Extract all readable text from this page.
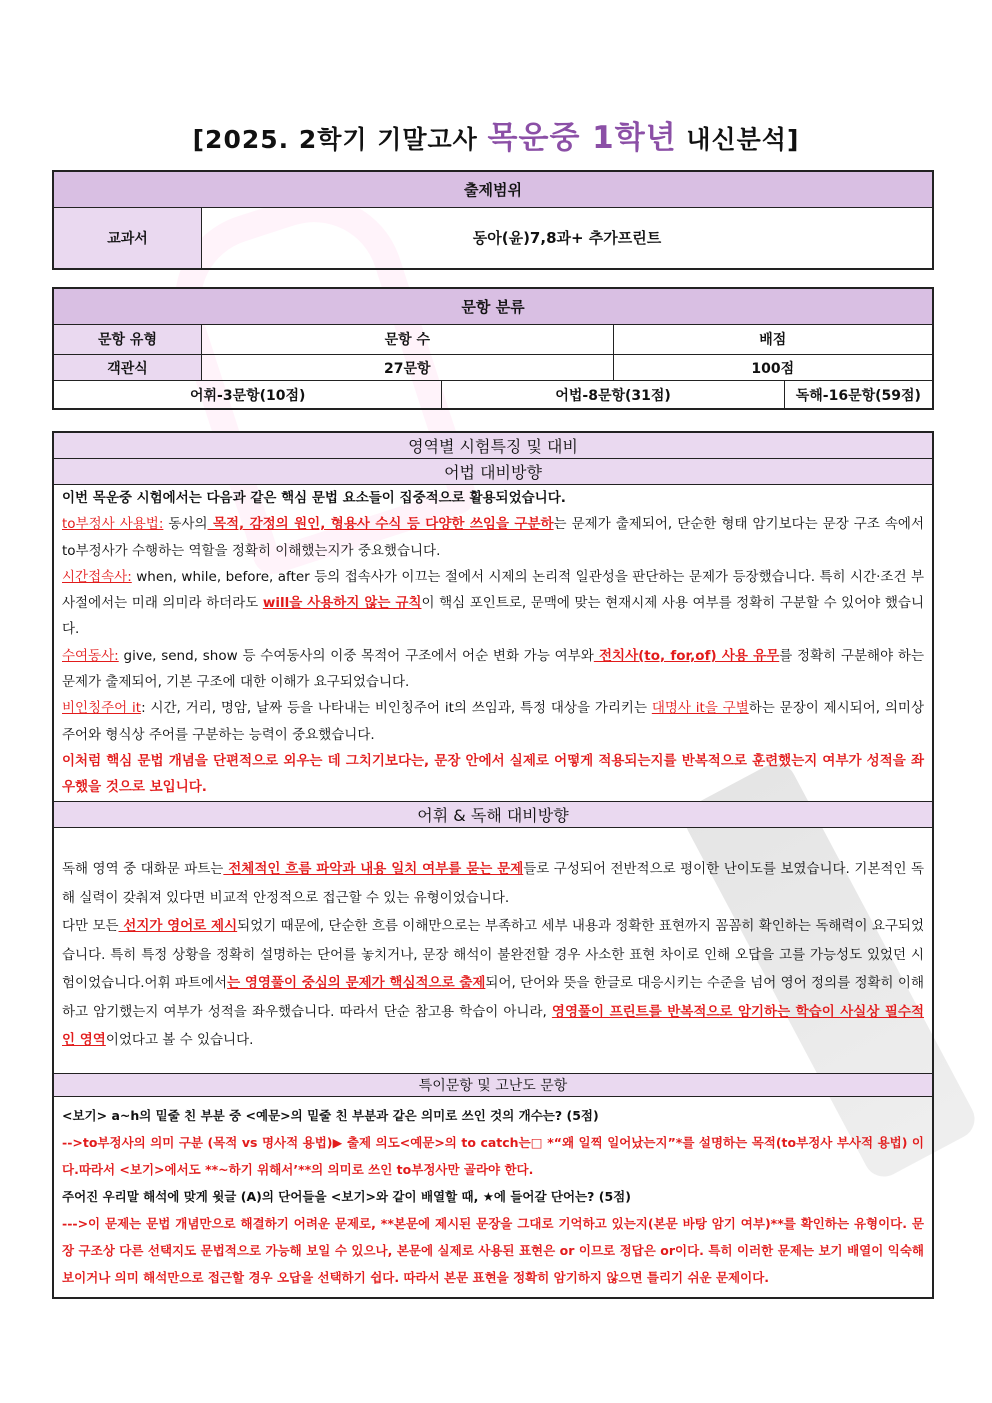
[2025. 2학기 기말고사 목운중 1학년 내신분석]
출제범위
교과서	동아(윤)7,8과+ 추가프린트
문항 분류				
문항 유형	문항 수		배점	
객관식	27문항		100점	
어휘-3문항(10점)		어법-8문항(31점)		독해-16문항(59점)
영역별 시험특징 및 대비
어법 대비방향

이번 목운중 시험에서는 다음과 같은 핵심 문법 요소들이 집중적으로 활용되었습니다.
to부정사 사용법: 동사의 목적, 감정의 원인, 형용사 수식 등 다양한 쓰임을 구분하는 문제가 출제되어, 단순한 형태 암기보다는 문장 구조 속에서 to부정사가 수행하는 역할을 정확히 이해했는지가 중요했습니다.
시간접속사: when, while, before, after 등의 접속사가 이끄는 절에서 시제의 논리적 일관성을 판단하는 문제가 등장했습니다. 특히 시간·조건 부사절에서는 미래 의미라 하더라도 will을 사용하지 않는 규칙이 핵심 포인트로, 문맥에 맞는 현재시제 사용 여부를 정확히 구분할 수 있어야 했습니다.
수여동사: give, send, show 등 수여동사의 이중 목적어 구조에서 어순 변화 가능 여부와 전치사(to, for,of) 사용 유무를 정확히 구분해야 하는 문제가 출제되어, 기본 구조에 대한 이해가 요구되었습니다.
비인칭주어 it: 시간, 거리, 명암, 날짜 등을 나타내는 비인칭주어 it의 쓰임과, 특정 대상을 가리키는 대명사 it을 구별하는 문장이 제시되어, 의미상 주어와 형식상 주어를 구분하는 능력이 중요했습니다.
이처럼 핵심 문법 개념을 단편적으로 외우는 데 그치기보다는, 문장 안에서 실제로 어떻게 적용되는지를 반복적으로 훈련했는지 여부가 성적을 좌우했을 것으로 보입니다.

어휘 & 독해 대비방향

독해 영역 중 대화문 파트는 전체적인 흐름 파악과 내용 일치 여부를 묻는 문제들로 구성되어 전반적으로 평이한 난이도를 보였습니다. 기본적인 독해 실력이 갖춰져 있다면 비교적 안정적으로 접근할 수 있는 유형이었습니다.
다만 모든 선지가 영어로 제시되었기 때문에, 단순한 흐름 이해만으로는 부족하고 세부 내용과 정확한 표현까지 꼼꼼히 확인하는 독해력이 요구되었습니다. 특히 특정 상황을 정확히 설명하는 단어를 놓치거나, 문장 해석이 불완전할 경우 사소한 표현 차이로 인해 오답을 고를 가능성도 있었던 시험이었습니다.어휘 파트에서는 영영풀이 중심의 문제가 핵심적으로 출제되어, 단어와 뜻을 한글로 대응시키는 수준을 넘어 영어 정의를 정확히 이해하고 암기했는지 여부가 성적을 좌우했습니다. 따라서 단순 참고용 학습이 아니라, 영영풀이 프린트를 반복적으로 암기하는 학습이 사실상 필수적인 영역이었다고 볼 수 있습니다.

특이문항 및 고난도 문항

<보기> a~h의 밑줄 친 부분 중 <예문>의 밑줄 친 부분과 같은 의미로 쓰인 것의 개수는? (5점)
-->to부정사의 의미 구분 (목적 vs 명사적 용법)▶ 출제 의도<예문>의 to catch는□ *“왜 일찍 일어났는지”*를 설명하는 목적(to부정사 부사적 용법) 이다.따라서 <보기>에서도 **~하기 위해서’**의 의미로 쓰인 to부정사만 골라야 한다.
주어진 우리말 해석에 맞게 윗글 (A)의 단어들을 <보기>와 같이 배열할 때, ★에 들어갈 단어는? (5점)
--->이 문제는 문법 개념만으로 해결하기 어려운 문제로, **본문에 제시된 문장을 그대로 기억하고 있는지(본문 바탕 암기 여부)**를 확인하는 유형이다. 문장 구조상 다른 선택지도 문법적으로 가능해 보일 수 있으나, 본문에 실제로 사용된 표현은 or 이므로 정답은 or이다. 특히 이러한 문제는 보기 배열이 익숙해 보이거나 의미 해석만으로 접근할 경우 오답을 선택하기 쉽다. 따라서 본문 표현을 정확히 암기하지 않으면 틀리기 쉬운 문제이다.
